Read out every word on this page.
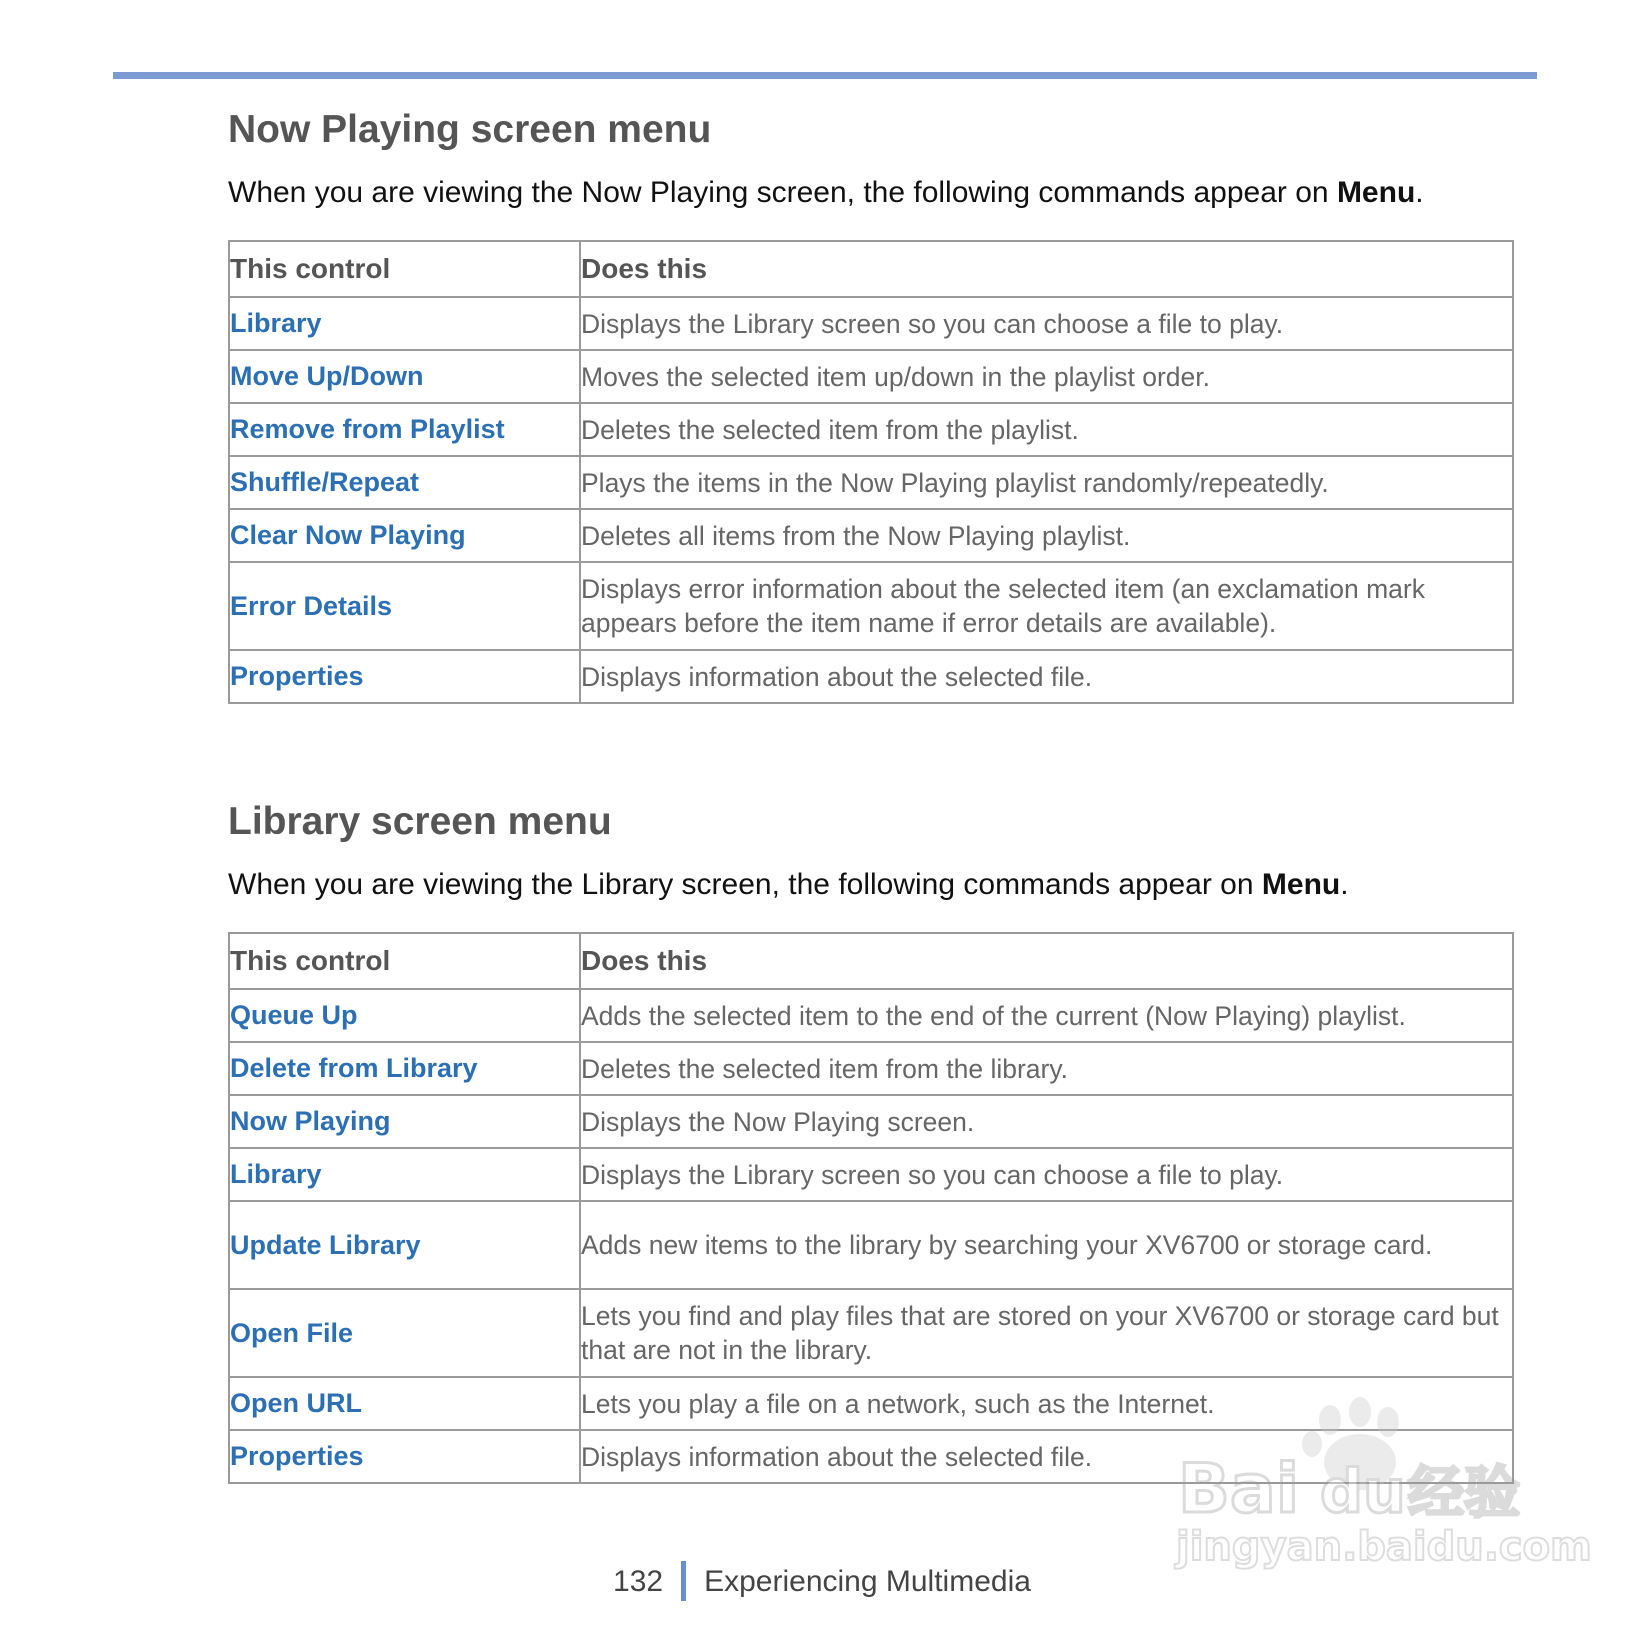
Now Playing screen menu

When you are viewing the Now Playing screen, the following commands appear on Menu.

This control	Does this
Library	Displays the Library screen so you can choose a file to play.
Move Up/Down	Moves the selected item up/down in the playlist order.
Remove from Playlist	Deletes the selected item from the playlist.
Shuffle/Repeat	Plays the items in the Now Playing playlist randomly/repeatedly.
Clear Now Playing	Deletes all items from the Now Playing playlist.
Error Details	Displays error information about the selected item (an exclamation mark appears before the item name if error details are available).
Properties	Displays information about the selected file.
Library screen menu

When you are viewing the Library screen, the following commands appear on Menu.

This control	Does this
Queue Up	Adds the selected item to the end of the current (Now Playing) playlist.
Delete from Library	Deletes the selected item from the library.
Now Playing	Displays the Now Playing screen.
Library	Displays the Library screen so you can choose a file to play.
Update Library	Adds new items to the library by searching your XV6700 or storage card.
Open File	Lets you find and play files that are stored on your XV6700 or storage card but that are not in the library.
Open URL	Lets you play a file on a network, such as the Internet.
Properties	Displays information about the selected file.
132 Experiencing Multimedia
Bai du 经验
jingyan.baidu.com
